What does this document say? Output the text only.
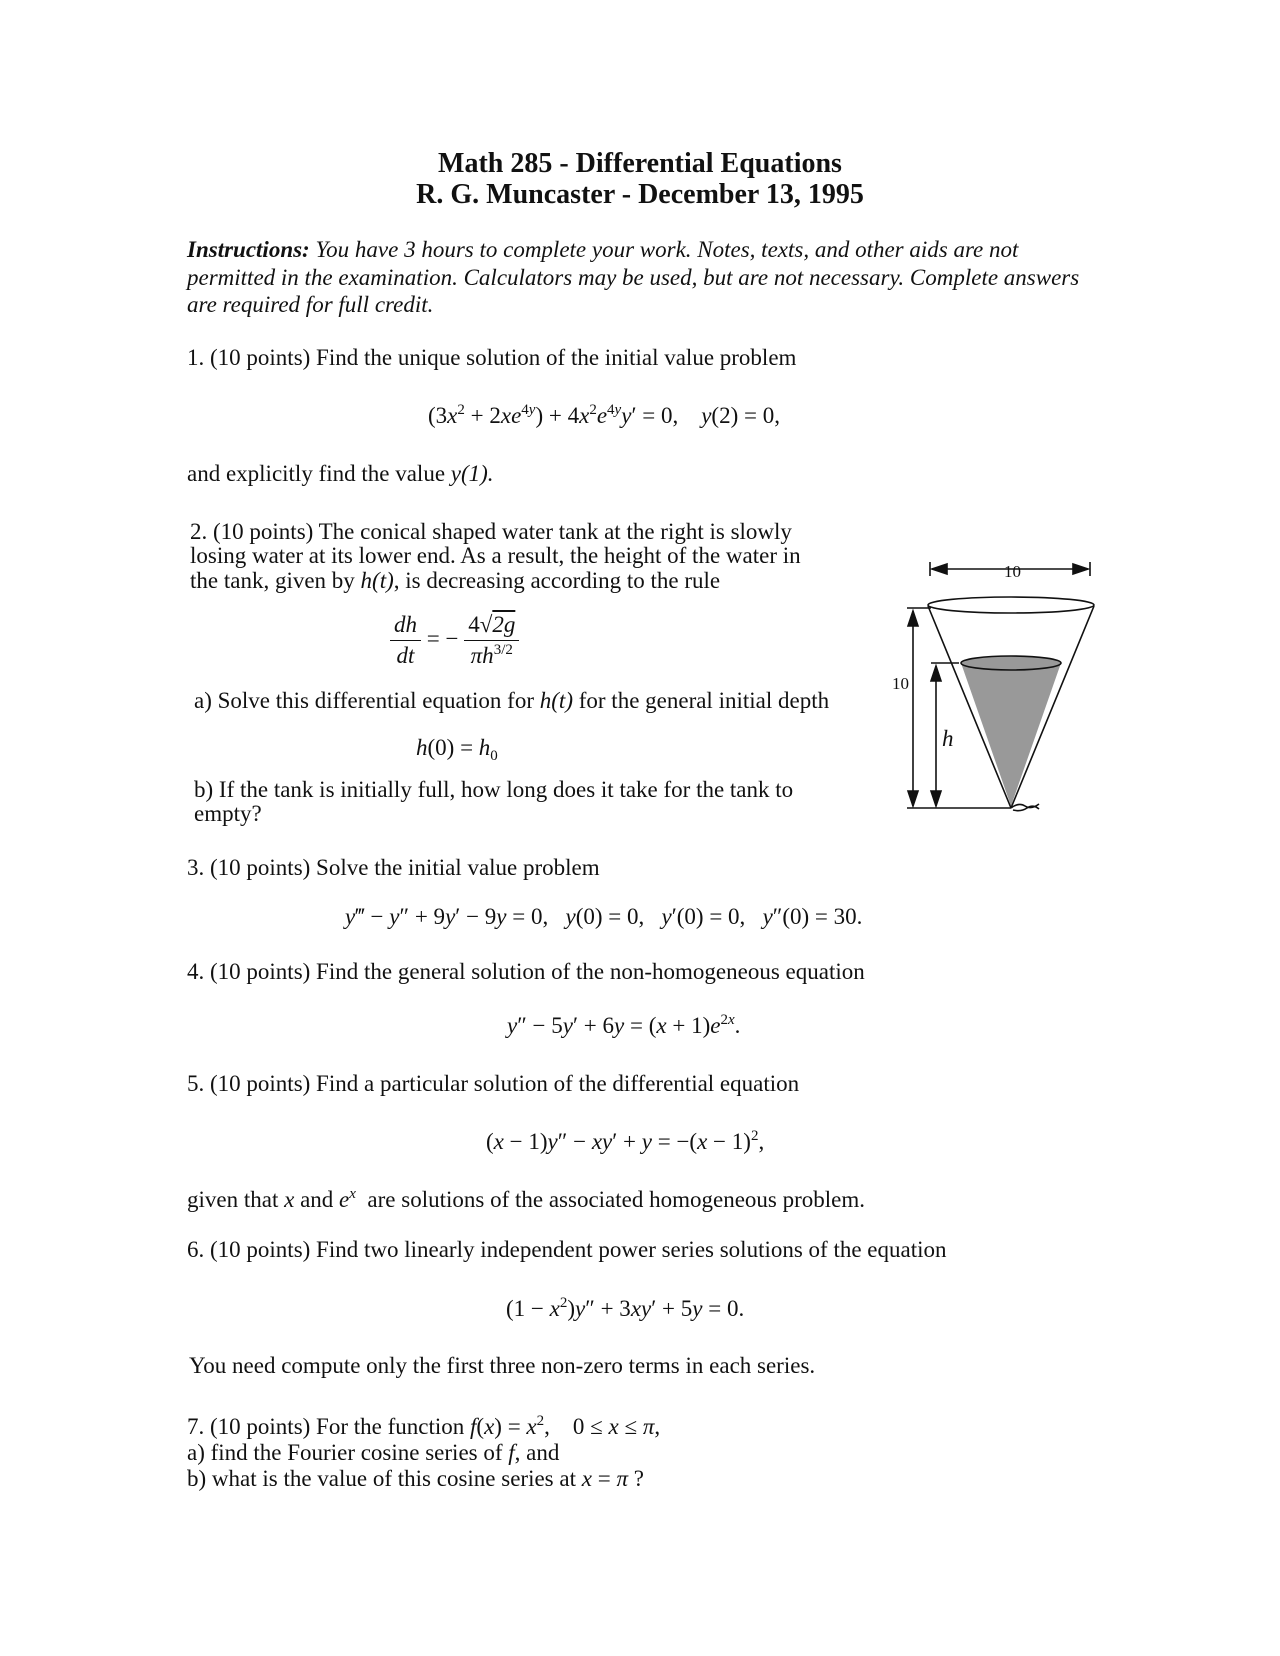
Math 285 - Differential Equations
R. G. Muncaster - December 13, 1995
Instructions: You have 3 hours to complete your work. Notes, texts, and other aids are not permitted in the examination. Calculators may be used, but are not necessary. Complete answers are required for full credit.
1. (10 points) Find the unique solution of the initial value problem
$(3x^2 + 2xe^{4y}) + 4x^2e^{4y}y' = 0$,    y(2) = 0,
and explicitly find the value y(1).
2. (10 points) The conical shaped water tank at the right is slowly
losing water at its lower end. As a result, the height of the water in
the tank, given by h(t), is decreasing according to the rule
$\frac{dh}{dt}$ = − $\frac{4√2g}{\pi h^{3/2}}$
a) Solve this differential equation for h(t) for the general initial depth
$h(0) = h_0$
b) If the tank is initially full, how long does it take for the tank to
empty?
10
10
h
3. (10 points) Solve the initial value problem
y‴ − y″ + 9y′ − 9y = 0,   y(0) = 0,   y′(0) = 0,   y″(0) = 30.
4. (10 points) Find the general solution of the non-homogeneous equation
$y'' - 5y' + 6y = (x + 1)e^{2x}$.
5. (10 points) Find a particular solution of the differential equation
$(x - 1)y'' - xy' + y = -(x - 1)^2$,
given that x and $e^x$ are solutions of the associated homogeneous problem.
6. (10 points) Find two linearly independent power series solutions of the equation
$(1 - x^2)y'' + 3xy' + 5y = 0$.
You need compute only the first three non-zero terms in each series.
7. (10 points) For the function $f(x) = x^2$,    0 ≤ x ≤ π,
a) find the Fourier cosine series of f, and
b) what is the value of this cosine series at x = π ?
